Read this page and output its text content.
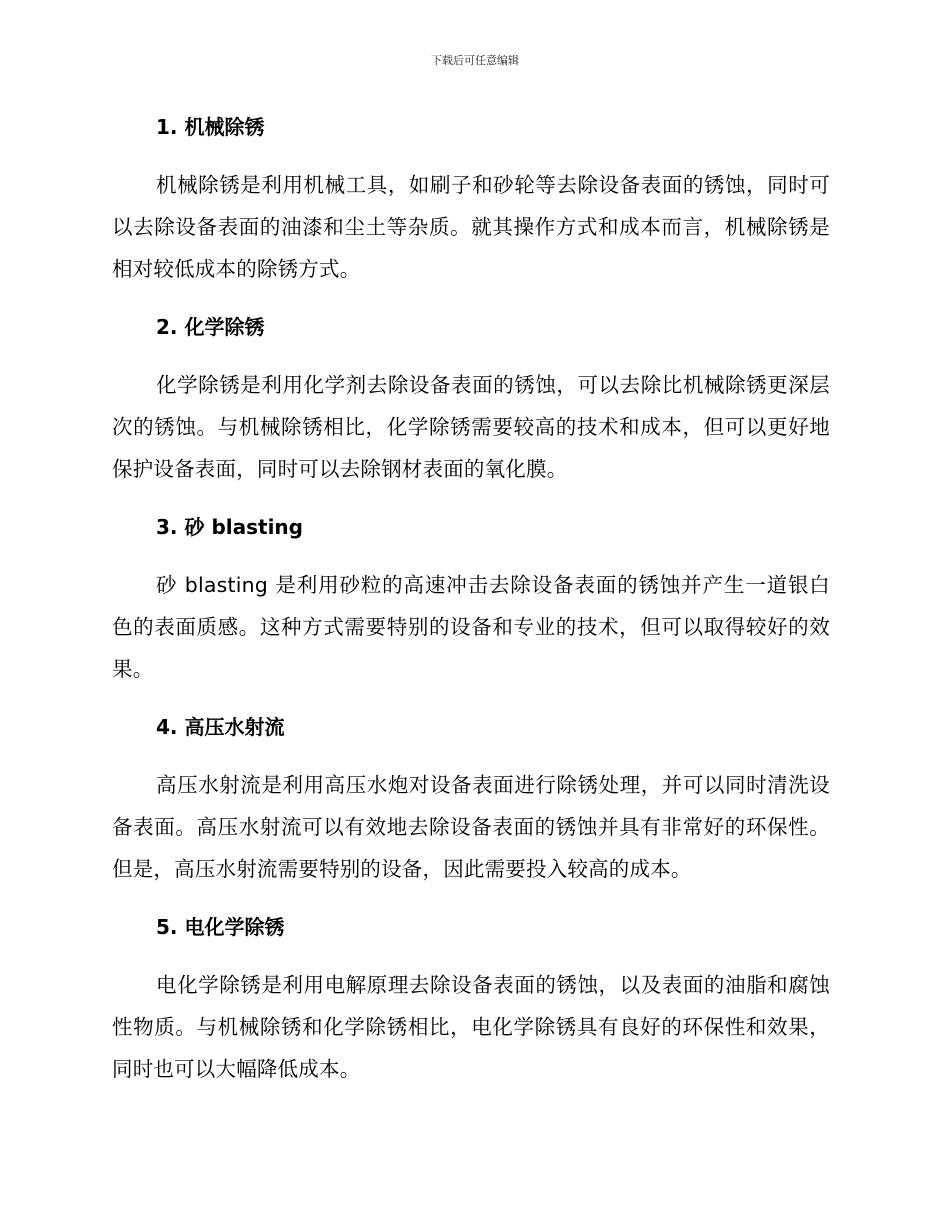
下载后可任意编辑
1. 机械除锈

机械除锈是利用机械工具，如刷子和砂轮等去除设备表面的锈蚀，同时可以去除设备表面的油漆和尘土等杂质。就其操作方式和成本而言，机械除锈是相对较低成本的除锈方式。

2. 化学除锈

化学除锈是利用化学剂去除设备表面的锈蚀，可以去除比机械除锈更深层次的锈蚀。与机械除锈相比，化学除锈需要较高的技术和成本，但可以更好地保护设备表面，同时可以去除钢材表面的氧化膜。

3. 砂 blasting

砂 blasting 是利用砂粒的高速冲击去除设备表面的锈蚀并产生一道银白色的表面质感。这种方式需要特别的设备和专业的技术，但可以取得较好的效果。

4. 高压水射流

高压水射流是利用高压水炮对设备表面进行除锈处理，并可以同时清洗设备表面。高压水射流可以有效地去除设备表面的锈蚀并具有非常好的环保性。但是，高压水射流需要特别的设备，因此需要投入较高的成本。

5. 电化学除锈

电化学除锈是利用电解原理去除设备表面的锈蚀，以及表面的油脂和腐蚀性物质。与机械除锈和化学除锈相比，电化学除锈具有良好的环保性和效果，同时也可以大幅降低成本。
